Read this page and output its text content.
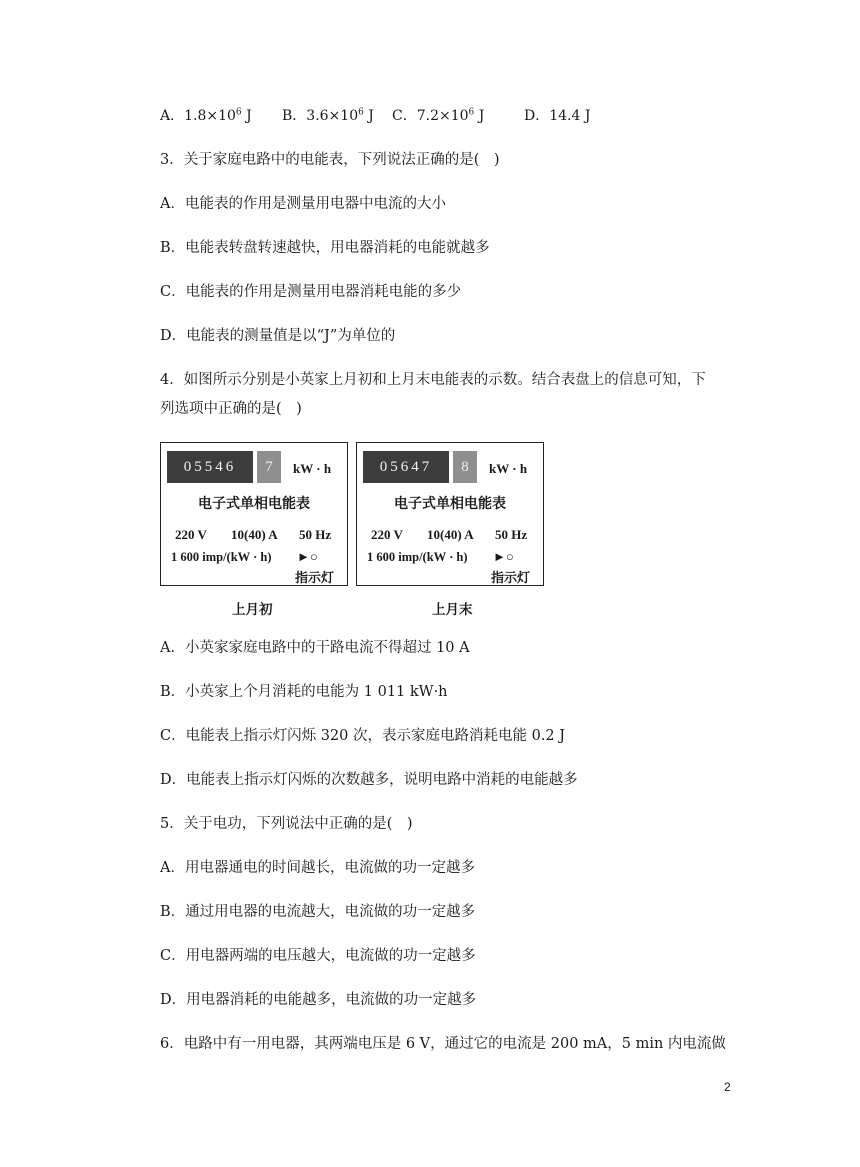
A．$1.8\times 10^6$ J B．$3.6\times 10^6$ J C．$7.2\times 10^6$ J	D．14.4 J
3．关于家庭电路中的电能表，下列说法正确的是(　)
A．电能表的作用是测量用电器中电流的大小
B．电能表转盘转速越快，用电器消耗的电能就越多
C．电能表的作用是测量用电器消耗电能的多少
D．电能表的测量值是以“J”为单位的
4．如图所示分别是小英家上月初和上月末电能表的示数。结合表盘上的信息可知，下
列选项中正确的是(　)
05546	7	kW · h
电子式单相电能表
220 V 10(40) A 50 Hz
1 600 imp/(kW · h) ►○
指示灯
05647	8	kW · h
电子式单相电能表
220 V 10(40) A 50 Hz
1 600 imp/(kW · h) ►○
指示灯
上月初	上月末
A．小英家家庭电路中的干路电流不得超过 10 A
B．小英家上个月消耗的电能为 1 011 kW·h
C．电能表上指示灯闪烁 320 次，表示家庭电路消耗电能 0.2 J
D．电能表上指示灯闪烁的次数越多，说明电路中消耗的电能越多
5．关于电功，下列说法中正确的是(　)
A．用电器通电的时间越长，电流做的功一定越多
B．通过用电器的电流越大，电流做的功一定越多
C．用电器两端的电压越大，电流做的功一定越多
D．用电器消耗的电能越多，电流做的功一定越多
6．电路中有一用电器，其两端电压是 6 V，通过它的电流是 200 mA，5 min 内电流做
2
